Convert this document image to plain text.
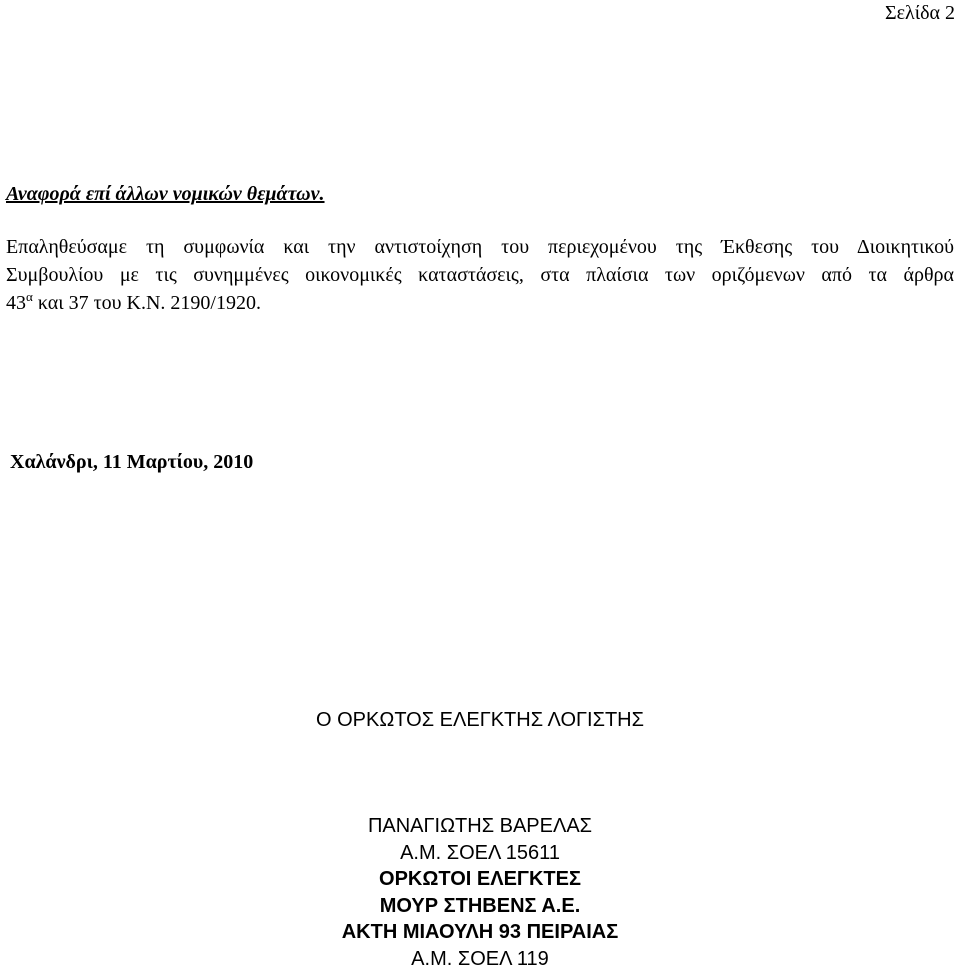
Σελίδα 2
Αναφορά επί άλλων νομικών θεμάτων.
Επαληθεύσαμε τη συμφωνία και την αντιστοίχηση του περιεχομένου της Έκθεσης του Διοικητικού
Συμβουλίου με τις συνημμένες οικονομικές καταστάσεις, στα πλαίσια των οριζόμενων από τα άρθρα
$43^\alpha$ και 37 του Κ.Ν. 2190/1920.
Χαλάνδρι, 11 Μαρτίου, 2010
Ο ΟΡΚΩΤΟΣ ΕΛΕΓΚΤΗΣ ΛΟΓΙΣΤΗΣ
ΠΑΝΑΓΙΩΤΗΣ ΒΑΡΕΛΑΣ
Α.Μ. ΣΟΕΛ 15611
ΟΡΚΩΤΟΙ ΕΛΕΓΚΤΕΣ
ΜΟΥΡ ΣΤΗΒΕΝΣ Α.Ε.
ΑΚΤΗ ΜΙΑΟΥΛΗ 93 ΠΕΙΡΑΙΑΣ
Α.Μ. ΣΟΕΛ 119
